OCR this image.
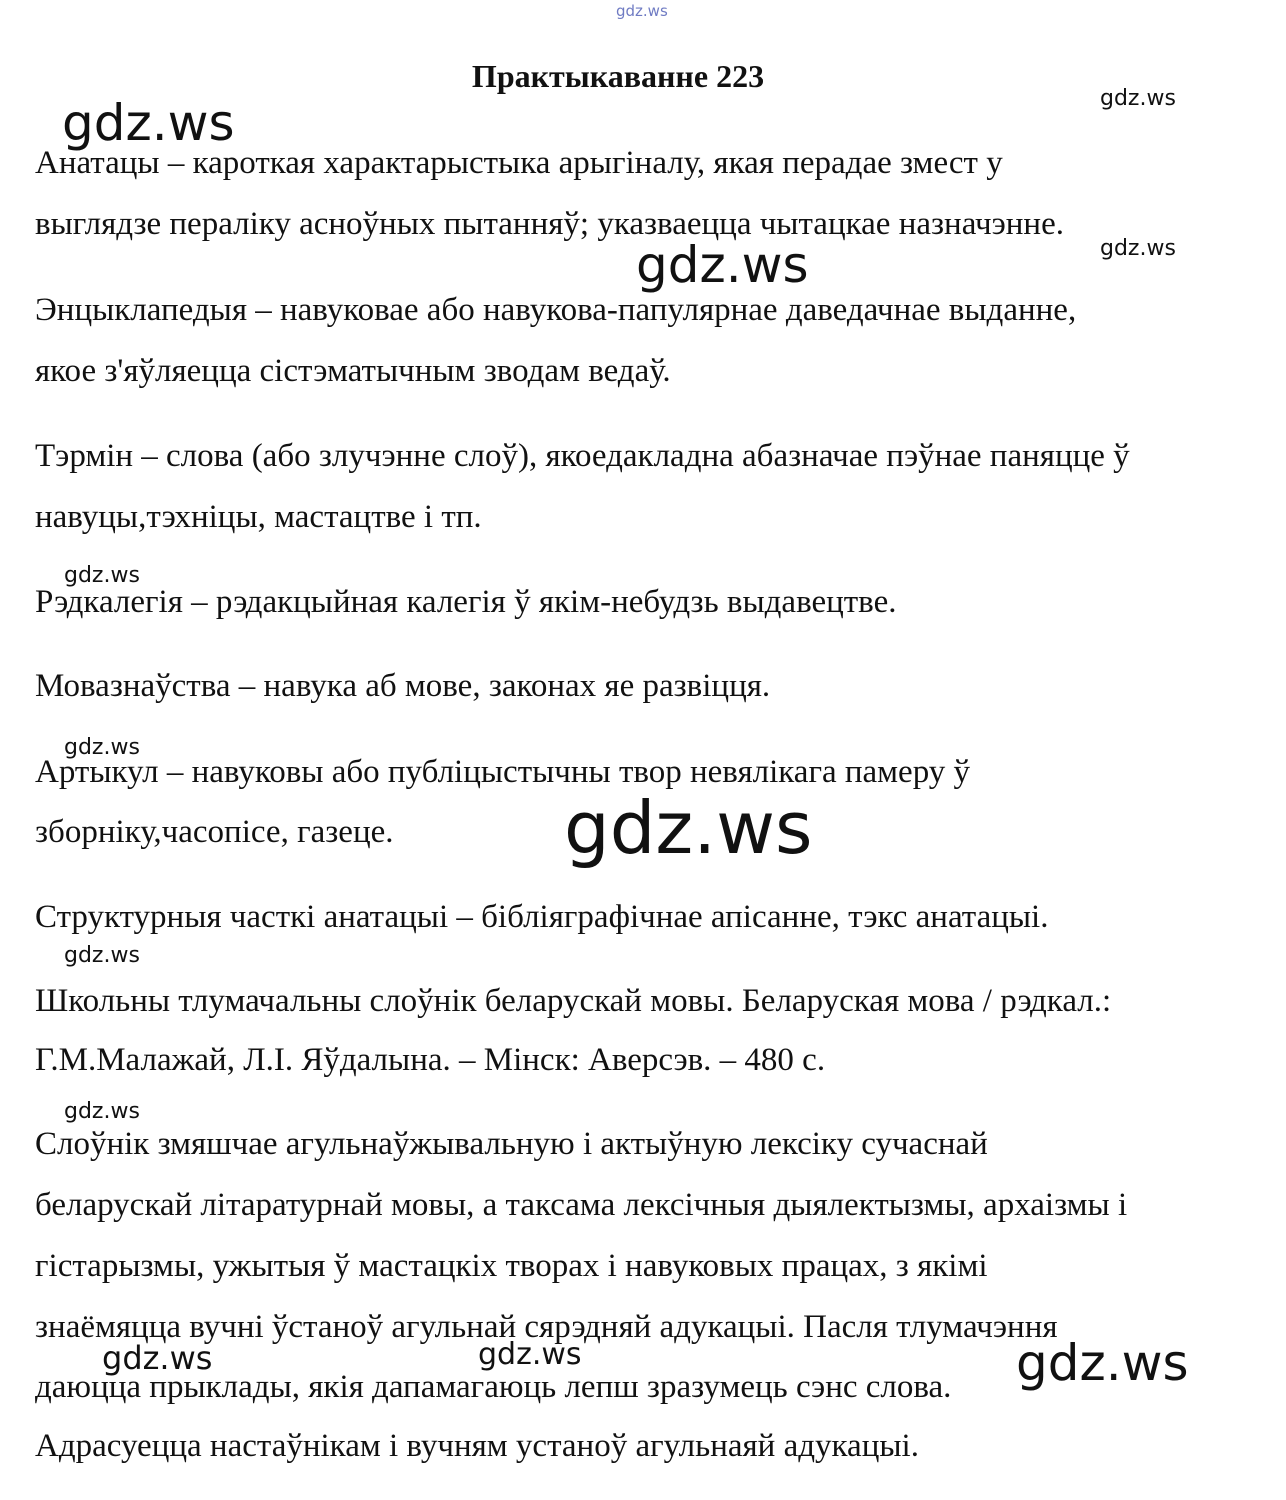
gdz.ws
Практыкаванне 223
gdz.ws	gdz.ws
Анатацы – кароткая характарыстыка арыгіналу, якая перадае змест у
выглядзе пераліку асноўных пытанняў; указваецца чытацкае назначэнне.
gdz.ws
gdz.ws
Энцыклапедыя – навуковае або навукова-папулярнае даведачнае выданне,
якое з'яўляецца сістэматычным зводам ведаў.
Тэрмін – слова (або злучэнне слоў), якоедакладна абазначае пэўнае паняцце ў
навуцы,тэхніцы, мастацтве і тп.
gdz.ws
Рэдкалегія – рэдакцыйная калегія ў якім-небудзь выдавецтве.
Мовазнаўства – навука аб мове, законах яе развіцця.
gdz.ws
Артыкул – навуковы або публіцыстычны твор невялікага памеру ў
зборніку,часопісе, газеце. gdz.ws
Структурныя часткі анатацыі – бібліяграфічнае апісанне, тэкс анатацыі.
gdz.ws
Школьны тлумачальны слоўнік беларускай мовы. Беларуская мова / рэдкал.:
Г.М.Малажай, Л.І. Яўдалына. – Мінск: Аверсэв. – 480 с.
gdz.ws
Слоўнік змяшчае агульнаўжывальную і актыўную лексіку сучаснай
беларускай літаратурнай мовы, а таксама лексічныя дыялектызмы, архаізмы і
гістарызмы, ужытыя ў мастацкіх творах і навуковых працах, з якімі
знаёмяцца вучні ўстаноў агульнай сярэдняй адукацыі. Пасля тлумачэння
gdz.ws	gdz.ws	gdz.ws
даюцца прыклады, якія дапамагаюць лепш зразумець сэнс слова.
Адрасуецца настаўнікам і вучням устаноў агульнаяй адукацыі.
